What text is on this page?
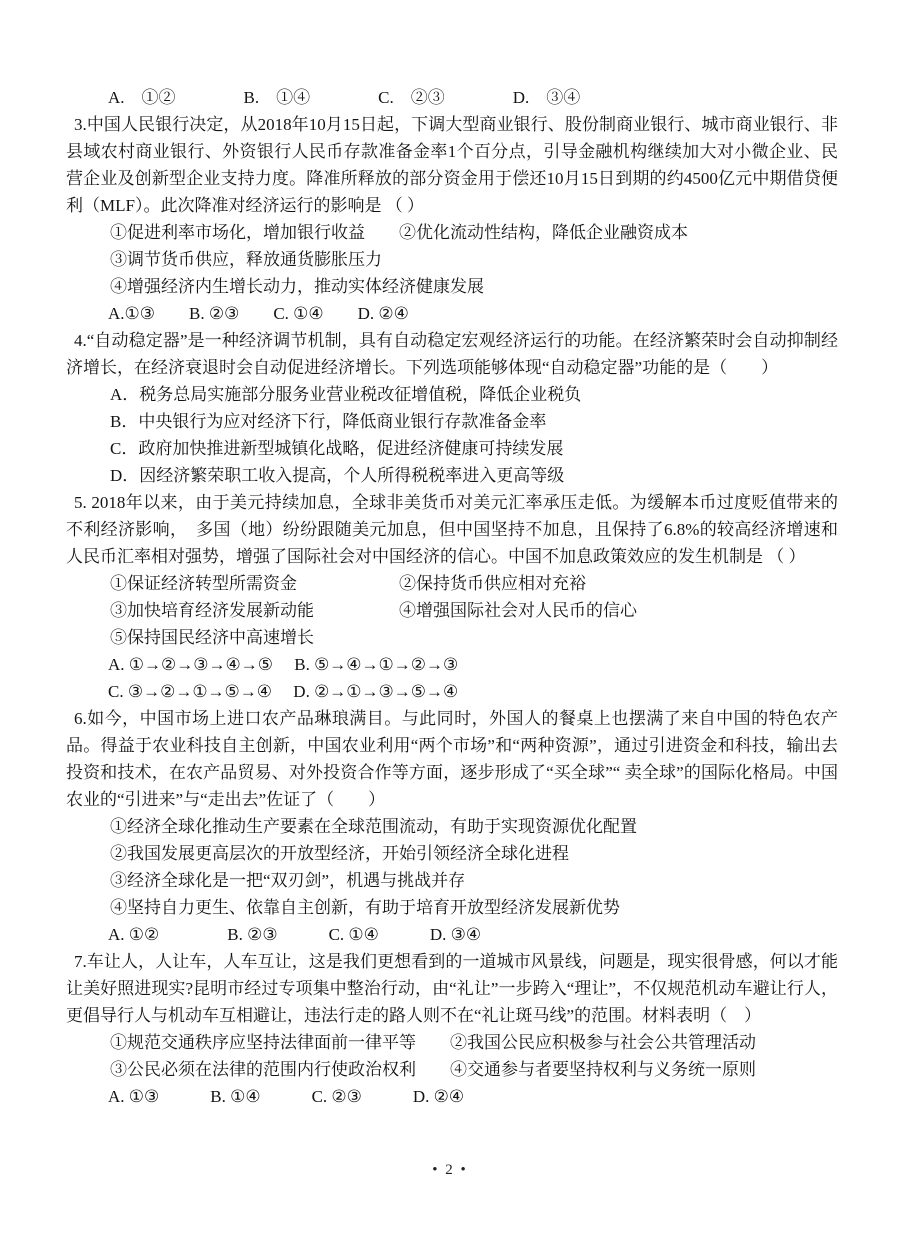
A.　①②　　　　B.　①④　　　　C.　②③　　　　D.　③④

3.中国人民银行决定，从2018年10月15日起，下调大型商业银行、股份制商业银行、城市商业银行、非县域农村商业银行、外资银行人民币存款准备金率1个百分点，引导金融机构继续加大对小微企业、民营企业及创新型企业支持力度。降准所释放的部分资金用于偿还10月15日到期的约4500亿元中期借贷便利（MLF）。此次降准对经济运行的影响是 （ ）

①促进利率市场化，增加银行收益　　②优化流动性结构，降低企业融资成本

③调节货币供应，释放通货膨胀压力

④增强经济内生增长动力，推动实体经济健康发展

A.①③　　B. ②③　　C. ①④　　D. ②④

4.“自动稳定器”是一种经济调节机制，具有自动稳定宏观经济运行的功能。在经济繁荣时会自动抑制经济增长，在经济衰退时会自动促进经济增长。下列选项能够体现“自动稳定器”功能的是（　　）

A．税务总局实施部分服务业营业税改征增值税，降低企业税负

B．中央银行为应对经济下行，降低商业银行存款准备金率

C．政府加快推进新型城镇化战略，促进经济健康可持续发展

D．因经济繁荣职工收入提高，个人所得税税率进入更高等级

5. 2018年以来，由于美元持续加息，全球非美货币对美元汇率承压走低。为缓解本币过度贬值带来的不利经济影响，　多国（地）纷纷跟随美元加息，但中国坚持不加息，且保持了6.8%的较高经济增速和人民币汇率相对强势，增强了国际社会对中国经济的信心。中国不加息政策效应的发生机制是 （ ）

①保证经济转型所需资金　　　　　　②保持货币供应相对充裕

③加快培育经济发展新动能　　　　　④增强国际社会对人民币的信心

⑤保持国民经济中高速增长

A. ①→②→③→④→⑤　 B. ⑤→④→①→②→③

C. ③→②→①→⑤→④　 D. ②→①→③→⑤→④

6.如今，中国市场上进口农产品琳琅满目。与此同时，外国人的餐桌上也摆满了来自中国的特色农产品。得益于农业科技自主创新，中国农业利用“两个市场”和“两种资源”，通过引进资金和科技，输出去投资和技术，在农产品贸易、对外投资合作等方面，逐步形成了“买全球”“ 卖全球”的国际化格局。中国农业的“引进来”与“走出去”佐证了（　　）

①经济全球化推动生产要素在全球范围流动，有助于实现资源优化配置

②我国发展更高层次的开放型经济，开始引领经济全球化进程

③经济全球化是一把“双刃剑”，机遇与挑战并存

④坚持自力更生、依靠自主创新，有助于培育开放型经济发展新优势

A. ①②　　　　B. ②③　　　C. ①④　　　D. ③④

7.车让人，人让车，人车互让，这是我们更想看到的一道城市风景线，问题是，现实很骨感，何以才能让美好照进现实?昆明市经过专项集中整治行动，由“礼让”一步跨入“理让”，不仅规范机动车避让行人，更倡导行人与机动车互相避让，违法行走的路人则不在“礼让斑马线”的范围。材料表明（　）

①规范交通秩序应坚持法律面前一律平等　　②我国公民应积极参与社会公共管理活动

③公民必须在法律的范围内行使政治权利　　④交通参与者要坚持权利与义务统一原则

A. ①③　　　B. ①④　　　C. ②③　　　D. ②④

• 2 •
